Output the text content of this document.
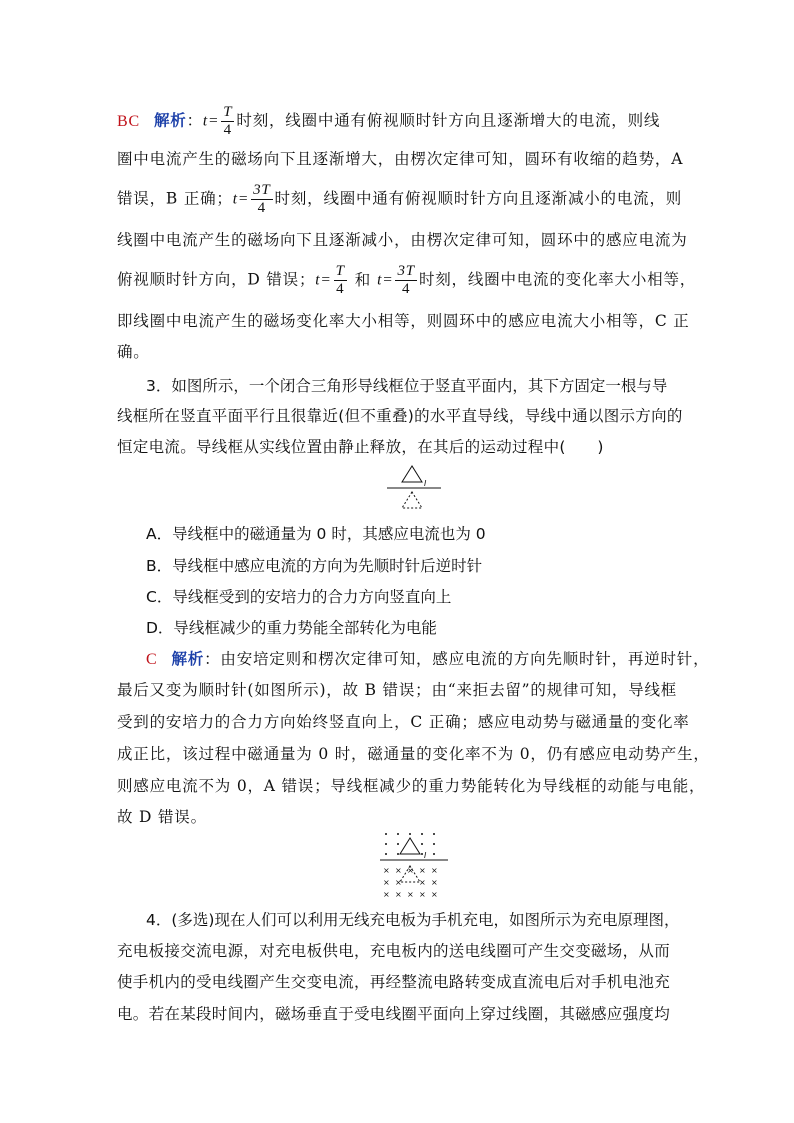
BC 解析：$t= \frac{T}{4}$ 时刻，线圈中通有俯视顺时针方向且逐渐增大的电流，则线
圈中电流产生的磁场向下且逐渐增大，由楞次定律可知，圆环有收缩的趋势，A
错误，B 正确；$t= \frac{3T}{4}$ 时刻，线圈中通有俯视顺时针方向且逐渐减小的电流，则
线圈中电流产生的磁场向下且逐渐减小，由楞次定律可知，圆环中的感应电流为
俯视顺时针方向，D 错误；$t= \frac{T}{4}$ 和 $t= \frac{3T}{4}$ 时刻，线圈中电流的变化率大小相等，
即线圈中电流产生的磁场变化率大小相等，则圆环中的感应电流大小相等，C 正
确。
3．如图所示，一个闭合三角形导线框位于竖直平面内，其下方固定一根与导
线框所在竖直平面平行且很靠近(但不重叠)的水平直导线，导线中通以图示方向的
恒定电流。导线框从实线位置由静止释放，在其后的运动过程中(　　)
I
A．导线框中的磁通量为 0 时，其感应电流也为 0
B．导线框中感应电流的方向为先顺时针后逆时针
C．导线框受到的安培力的合力方向竖直向上
D．导线框减少的重力势能全部转化为电能
C 解析：由安培定则和楞次定律可知，感应电流的方向先顺时针，再逆时针，
最后又变为顺时针(如图所示)，故 B 错误；由“来拒去留”的规律可知，导线框
受到的安培力的合力方向始终竖直向上，C 正确；感应电动势与磁通量的变化率
成正比，该过程中磁通量为 0 时，磁通量的变化率不为 0，仍有感应电动势产生，
则感应电流不为 0，A 错误；导线框减少的重力势能转化为导线框的动能与电能，
故 D 错误。
I
× × × × ×
× × × ×
× × × × ×
4．(多选)现在人们可以利用无线充电板为手机充电，如图所示为充电原理图，
充电板接交流电源，对充电板供电，充电板内的送电线圈可产生交变磁场，从而
使手机内的受电线圈产生交变电流，再经整流电路转变成直流电后对手机电池充
电。若在某段时间内，磁场垂直于受电线圈平面向上穿过线圈，其磁感应强度均
